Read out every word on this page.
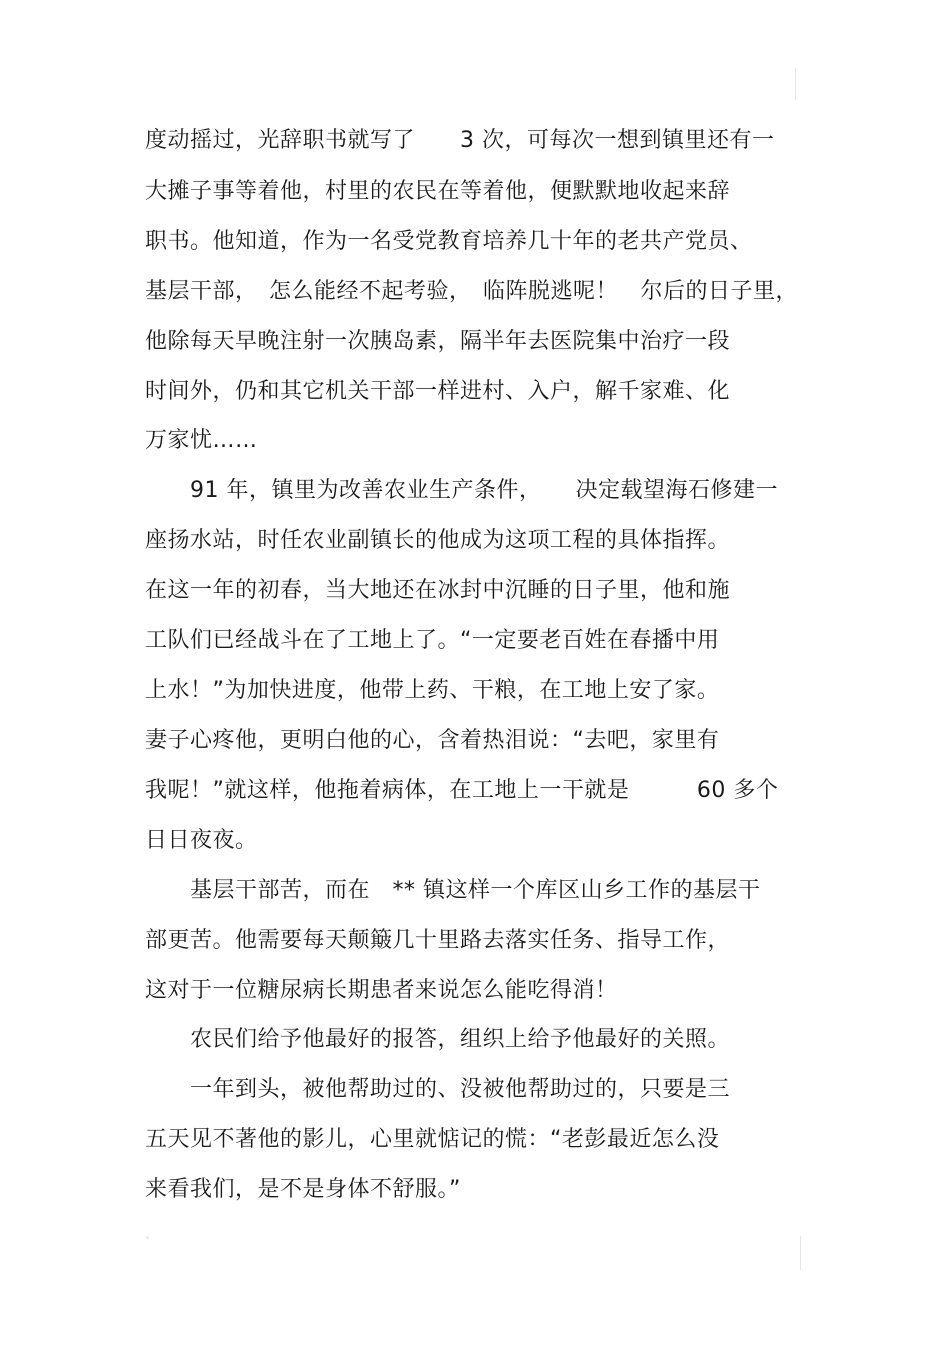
度动摇过，光辞职书就写了　　3 次，可每次一想到镇里还有一
大摊子事等着他，村里的农民在等着他，便默默地收起来辞
职书。他知道，作为一名受党教育培养几十年的老共产党员、
基层干部，　怎么能经不起考验，　临阵脱逃呢！　尔后的日子里，
他除每天早晚注射一次胰岛素，隔半年去医院集中治疗一段
时间外，仍和其它机关干部一样进村、入户，解千家难、化
万家忧……
　　91 年，镇里为改善农业生产条件，　　决定载望海石修建一
座扬水站，时任农业副镇长的他成为这项工程的具体指挥。
在这一年的初春，当大地还在冰封中沉睡的日子里，他和施
工队们已经战斗在了工地上了。“一定要老百姓在春播中用
上水！”为加快进度，他带上药、干粮，在工地上安了家。
妻子心疼他，更明白他的心，含着热泪说：“去吧，家里有
我呢！”就这样，他拖着病体，在工地上一干就是　　　60 多个
日日夜夜。
　　基层干部苦，而在　** 镇这样一个库区山乡工作的基层干
部更苦。他需要每天颠簸几十里路去落实任务、指导工作，
这对于一位糖尿病长期患者来说怎么能吃得消！
　　农民们给予他最好的报答，组织上给予他最好的关照。
　　一年到头，被他帮助过的、没被他帮助过的，只要是三
五天见不著他的影儿，心里就惦记的慌：“老彭最近怎么没
来看我们，是不是身体不舒服。”
